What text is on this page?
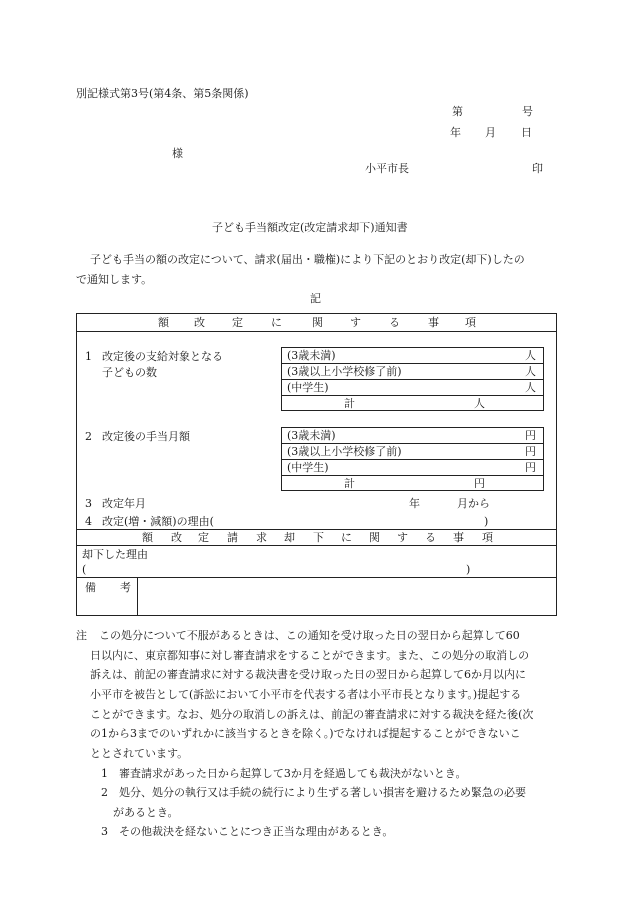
別記様式第3号(第4条、第5条関係)
第	号
年 月 日
様
小平市長	印
子ども手当額改定(改定請求却下)通知書
子ども手当の額の改定について、請求(届出・職権)により下記のとおり改定(却下)したの
で通知します。
記
額 改 定	に	関 す	る	事 項
1 改定後の支給対象となる
子どもの数
(3歳未満)	人
(3歳以上小学校修了前)	人
(中学生)	人
計	人
2 改定後の手当月額	(3歳未満)	円
(3歳以上小学校修了前)	円
(中学生)	円
計	円
3 改定年月	年	月から
4 改定(増・減額)の理由(	)
額 改 定 請 求 却 下 に 関 す る 事 項
却下した理由
(	)
備 考
注 この処分について不服があるときは、この通知を受け取った日の翌日から起算して60
日以内に、東京都知事に対し審査請求をすることができます。また、この処分の取消しの
訴えは、前記の審査請求に対する裁決書を受け取った日の翌日から起算して6か月以内に
小平市を被告として(訴訟において小平市を代表する者は小平市長となります。)提起する
ことができます。なお、処分の取消しの訴えは、前記の審査請求に対する裁決を経た後(次
の1から3までのいずれかに該当するときを除く。)でなければ提起することができないこ
ととされています。
1　審査請求があった日から起算して3か月を経過しても裁決がないとき。
2　処分、処分の執行又は手続の続行により生ずる著しい損害を避けるため緊急の必要
があるとき。
3　その他裁決を経ないことにつき正当な理由があるとき。
